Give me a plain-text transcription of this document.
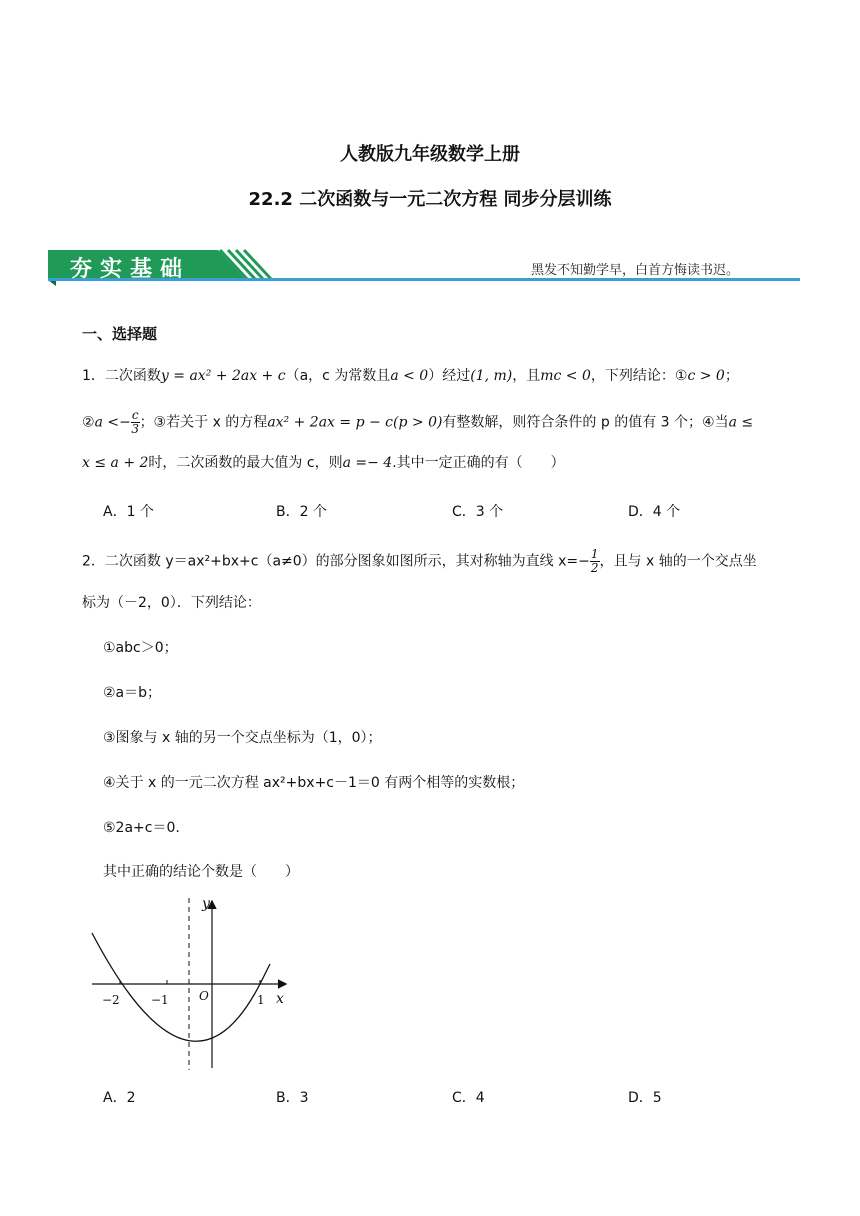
人教版九年级数学上册
22.2 二次函数与一元二次方程 同步分层训练
夯实基础	黑发不知勤学早，白首方悔读书迟。
一、选择题
1．二次函数y = ax² + 2ax + c（a，c 为常数且a < 0）经过(1, m)，且mc < 0，下列结论：①c > 0；
②a <− $\frac{c}{3}$ ；③若关于 x 的方程ax² + 2ax = p − c(p > 0)有整数解，则符合条件的 p 的值有 3 个；④当a ≤
x ≤ a + 2时，二次函数的最大值为 c，则a =− 4.其中一定正确的有（　　）
A．1 个	B．2 个	C．3 个	D．4 个
2．二次函数 y＝ax²+bx+c（a≠0）的部分图象如图所示，其对称轴为直线 $x=- \frac{1}{2}$ ，且与 x 轴的一个交点坐
标为（－2，0）．下列结论：
①abc＞0；
②a＝b；
③图象与 x 轴的另一个交点坐标为（1，0）；
④关于 x 的一元二次方程 ax²+bx+c－1＝0 有两个相等的实数根；
⑤2a+c＝0.
其中正确的结论个数是（　　）
y
x
O
−2	−1	1
A．2	B．3	C．4	D．5
